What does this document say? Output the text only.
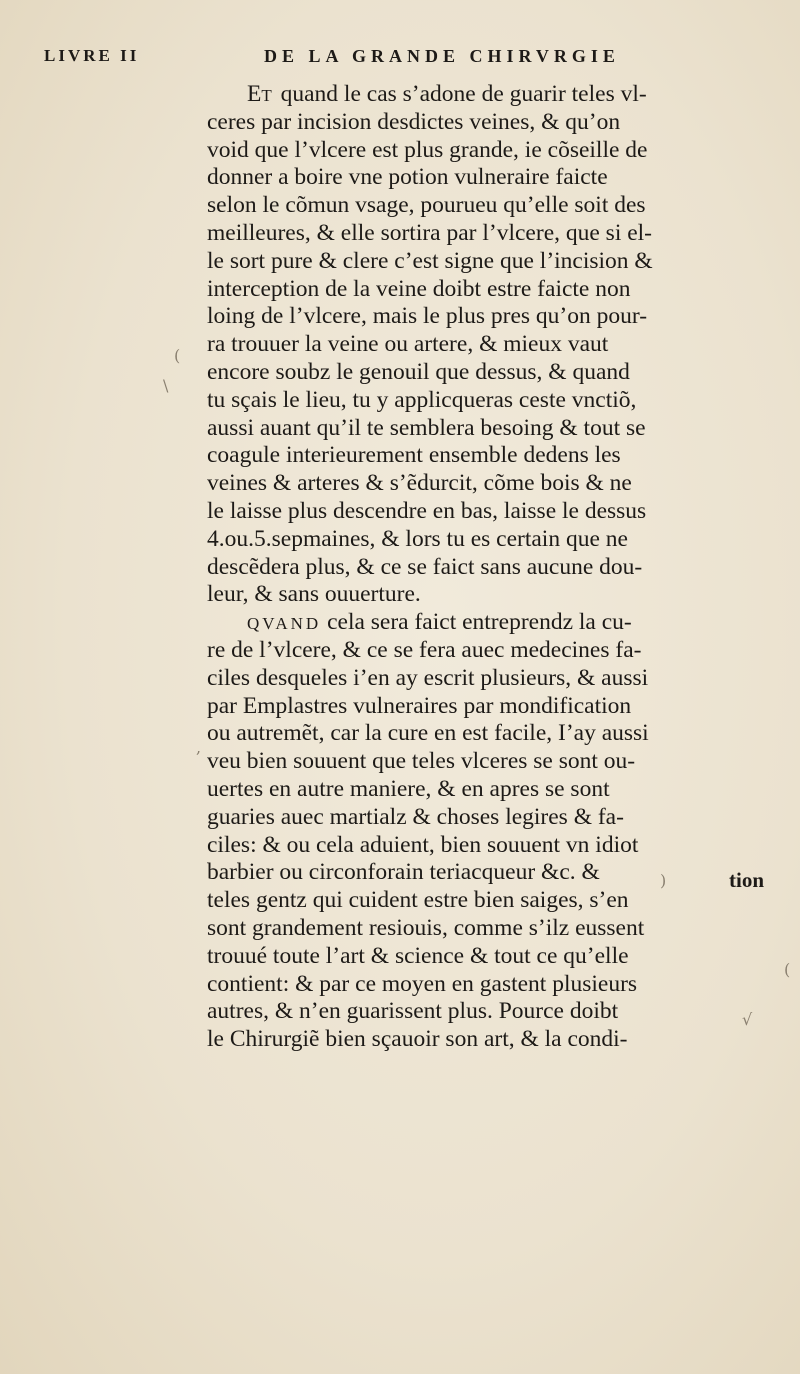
LIVRE II	DE LA GRANDE CHIRVRGIE
ET quand le cas s’adone de guarir teles vl-
ceres par incision desdictes veines, & qu’on
void que l’vlcere est plus grande, ie cõseille de
donner a boire vne potion vulneraire faicte
selon le cõmun vsage, pourueu qu’elle soit des
meilleures, & elle sortira par l’vlcere, que si el-
le sort pure & clere c’est signe que l’incision &
interception de la veine doibt estre faicte non
loing de l’vlcere, mais le plus pres qu’on pour-
ra trouuer la veine ou artere, & mieux vaut
encore soubz le genouil que dessus, & quand
tu sçais le lieu, tu y applicqueras ceste vnctiõ,
aussi auant qu’il te semblera besoing & tout se
coagule interieurement ensemble dedens les
veines & arteres & s’ẽdurcit, cõme bois & ne
le laisse plus descendre en bas, laisse le dessus
4.ou.5.sepmaines, & lors tu es certain que ne
descẽdera plus, & ce se faict sans aucune dou-
leur, & sans ouuerture.
QVAND cela sera faict entreprendz la cu-
re de l’vlcere, & ce se fera auec medecines fa-
ciles desqueles i’en ay escrit plusieurs, & aussi
par Emplastres vulneraires par mondification
ou autremẽt, car la cure en est facile, I’ay aussi
veu bien souuent que teles vlceres se sont ou-
uertes en autre maniere, & en apres se sont
guaries auec martialz & choses legires & fa-
ciles: & ou cela aduient, bien souuent vn idiot
barbier ou circonforain teriacqueur &c. &
teles gentz qui cuident estre bien saiges, s’en
sont grandement resiouis, comme s’ilz eussent
trouué toute l’art & science & tout ce qu’elle
contient: & par ce moyen en gastent plusieurs
autres, & n’en guarissent plus. Pource doibt
le Chirurgiẽ bien sçauoir son art, & la condi-
tion
(
\
,
)
(
√
